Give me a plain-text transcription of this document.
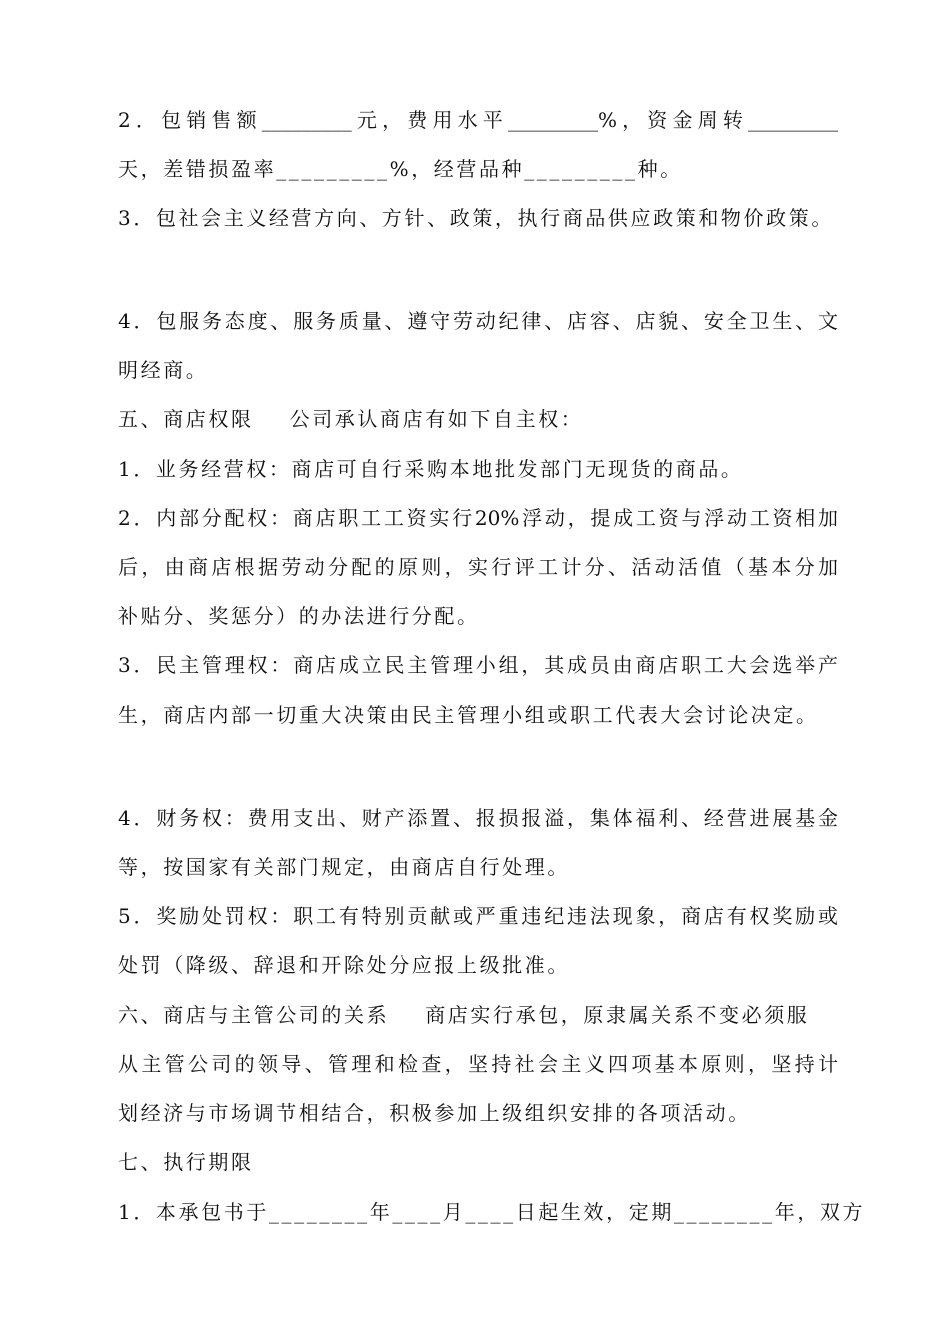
2．包销售额_________元，费用水平_________%，资金周转_________
天，差错损盈率_________%，经营品种_________种。
3．包社会主义经营方向、方针、政策，执行商品供应政策和物价政策。
4．包服务态度、服务质量、遵守劳动纪律、店容、店貌、安全卫生、文
明经商。
五、商店权限 公司承认商店有如下自主权：
1．业务经营权：商店可自行采购本地批发部门无现货的商品。
2．内部分配权：商店职工工资实行20%浮动，提成工资与浮动工资相加
后，由商店根据劳动分配的原则，实行评工计分、活动活值（基本分加
补贴分、奖惩分）的办法进行分配。
3．民主管理权：商店成立民主管理小组，其成员由商店职工大会选举产
生，商店内部一切重大决策由民主管理小组或职工代表大会讨论决定。
4．财务权：费用支出、财产添置、报损报溢，集体福利、经营进展基金
等，按国家有关部门规定，由商店自行处理。
5．奖励处罚权：职工有特别贡献或严重违纪违法现象，商店有权奖励或
处罚（降级、辞退和开除处分应报上级批准。
六、商店与主管公司的关系 商店实行承包，原隶属关系不变必须服
从主管公司的领导、管理和检查，坚持社会主义四项基本原则，坚持计
划经济与市场调节相结合，积极参加上级组织安排的各项活动。
七、执行期限
1．本承包书于________年____月____日起生效，定期________年，双方
